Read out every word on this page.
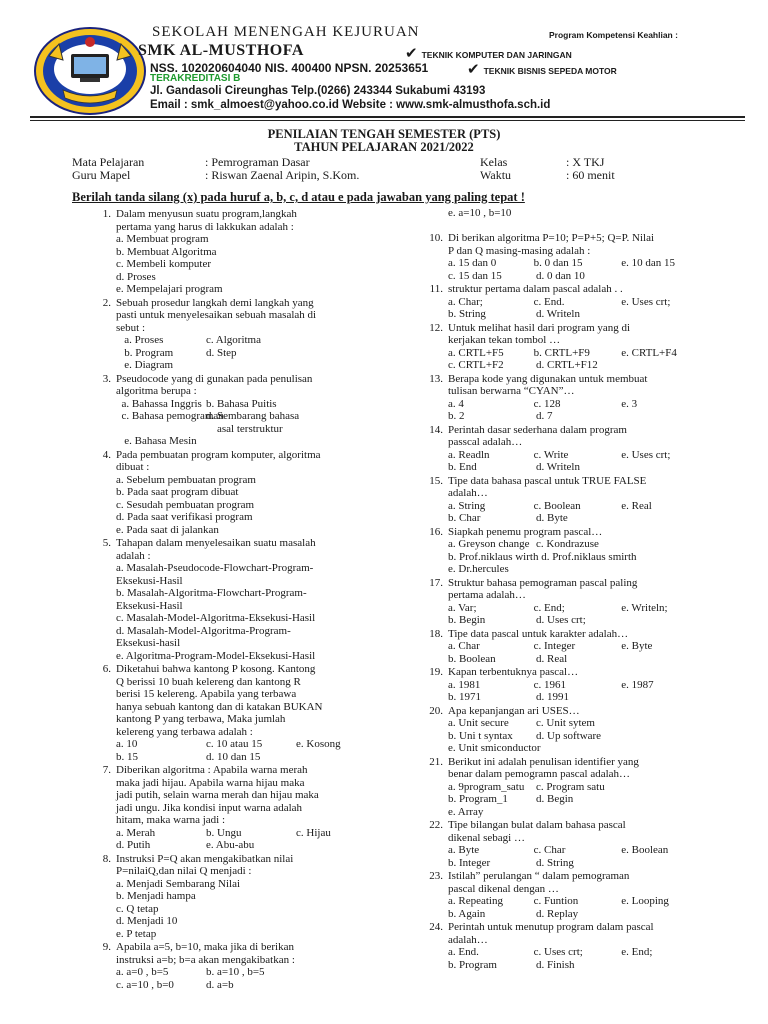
SEKOLAH MENENGAH KEJURUAN
SMK AL-MUSTHOFA
Program Kompetensi Keahlian :
✔ TEKNIK KOMPUTER DAN JARINGAN
NSS. 102020604040 NIS. 400400 NPSN. 20253651	✔ TEKNIK BISNIS SEPEDA MOTOR
TERAKREDITASI B
Jl. Gandasoli Cireunghas Telp.(0266) 243344 Sukabumi 43193
Email : smk_almoest@yahoo.co.id Website : www.smk-almusthofa.sch.id
PENILAIAN TENGAH SEMESTER (PTS)
TAHUN PELAJARAN 2021/2022
Mata Pelajaran	: Pemrograman Dasar
Guru Mapel	: Riswan Zaenal Aripin, S.Kom.
Kelas	: X TKJ
Waktu	: 60 menit
Berilah tanda silang (x) pada huruf a, b, c, d atau e pada jawaban yang paling tepat !
1. Dalam menyusun suatu program,langkah
pertama yang harus di lakkukan adalah :
a. Membuat program
b. Membuat Algoritma
c. Membeli komputer
d. Proses
e. Mempelajari program
2. Sebuah prosedur langkah demi langkah yang
pasti untuk menyelesaikan sebuah masalah di
sebut :
a. Proses	c. Algoritma
b. Program	d. Step
e. Diagram
3. Pseudocode yang di gunakan pada penulisan
algoritma berupa :
a. Bahassa Inggris b. Bahasa Puitis
c. Bahasa pemograman
d. Sembarang bahasa
asal terstruktur
e. Bahasa Mesin
4. Pada pembuatan program komputer, algoritma
dibuat :
a. Sebelum pembuatan program
b. Pada saat program dibuat
c. Sesudah pembuatan program
d. Pada saat verifikasi program
e. Pada saat di jalankan
5. Tahapan dalam menyelesaikan suatu masalah
adalah :
a. Masalah-Pseudocode-Flowchart-Program-
Eksekusi-Hasil
b. Masalah-Algoritma-Flowchart-Program-
Eksekusi-Hasil
c. Masalah-Model-Algoritma-Eksekusi-Hasil
d. Masalah-Model-Algoritma-Program-
Eksekusi-hasil
e. Algoritma-Program-Model-Eksekusi-Hasil
6. Diketahui bahwa kantong P kosong. Kantong
Q berissi 10 buah kelereng dan kantong R
berisi 15 kelereng. Apabila yang terbawa
hanya sebuah kantong dan di katakan BUKAN
kantong P yang terbawa, Maka jumlah
kelereng yang terbawa adalah :
a. 10	c. 10 atau 15	e. Kosong
b. 15	d. 10 dan 15
7. Diberikan algoritma : Apabila warna merah
maka jadi hijau. Apabila warna hijau maka
jadi putih, selain warna merah dan hijau maka
jadi ungu. Jika kondisi input warna adalah
hitam, maka warna jadi :
a. Merah	b. Ungu	c. Hijau
d. Putih	e. Abu-abu
8. Instruksi P=Q akan mengakibatkan nilai
P=nilaiQ,dan nilai Q menjadi :
a. Menjadi Sembarang Nilai
b. Menjadi hampa
c. Q tetap
d. Menjadi 10
e. P tetap
9. Apabila a=5, b=10, maka jika di berikan
instruksi a=b; b=a akan mengakibatkan :
a. a=0 , b=5	b. a=10 , b=5
c. a=10 , b=0	d. a=b
e. a=10 , b=10
10. Di berikan algoritma P=10; P=P+5; Q=P. Nilai
P dan Q masing-masing adalah :
a. 15 dan 0	b. 0 dan 15	e. 10 dan 15
c. 15 dan 15	d. 0 dan 10
11. struktur pertama dalam pascal adalah . .
a. Char;	c. End.	e. Uses crt;
b. String	d. Writeln
12. Untuk melihat hasil dari program yang di
kerjakan tekan tombol …
a. CRTL+F5	b. CRTL+F9	e. CRTL+F4
c. CRTL+F2	d. CRTL+F12
13. Berapa kode yang digunakan untuk membuat
tulisan berwarna “CYAN”…
a. 4	c. 128	e. 3
b. 2	d. 7
14. Perintah dasar sederhana dalam program
passcal adalah…
a. Readln	c. Write	e. Uses crt;
b. End	d. Writeln
15. Tipe data bahasa pascal untuk TRUE FALSE
adalah…
a. String	c. Boolean	e. Real
b. Char	d. Byte
16. Siapkah penemu program pascal…
a. Greyson change c. Kondrazuse
b. Prof.niklaus wirth d. Prof.niklaus smirth
e. Dr.hercules
17. Struktur bahasa pemograman pascal paling
pertama adalah…
a. Var;	c. End;	e. Writeln;
b. Begin	d. Uses crt;
18. Tipe data pascal untuk karakter adalah…
a. Char	c. Integer	e. Byte
b. Boolean	d. Real
19. Kapan terbentuknya pascal…
a. 1981	c. 1961	e. 1987
b. 1971	d. 1991
20. Apa kepanjangan ari USES…
a. Unit secure	c. Unit sytem
b. Uni t syntax	d. Up software
e. Unit smiconductor
21. Berikut ini adalah penulisan identifier yang
benar dalam pemogramn pascal adalah…
a. 9program_satu	c. Program satu
b. Program_1	d. Begin
e. Array
22. Tipe bilangan bulat dalam bahasa pascal
dikenal sebagi …
a. Byte	c. Char	e. Boolean
b. Integer	d. String
23. Istilah” perulangan “ dalam pemograman
pascal dikenal dengan …
a. Repeating	c. Funtion	e. Looping
b. Again	d. Replay
24. Perintah untuk menutup program dalam pascal
adalah…
a. End.	c. Uses crt;	e. End;
b. Program	d. Finish
